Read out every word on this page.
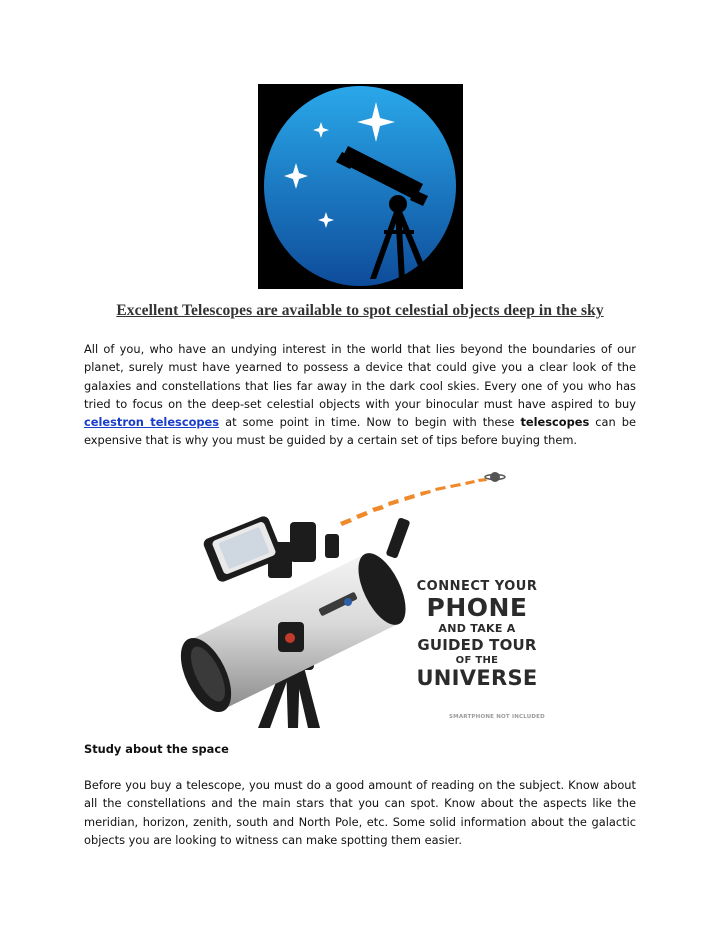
Excellent Telescopes are available to spot celestial objects deep in the sky

All of you, who have an undying interest in the world that lies beyond the boundaries of our planet, surely must have yearned to possess a device that could give you a clear look of the galaxies and constellations that lies far away in the dark cool skies. Every one of you who has tried to focus on the deep-set celestial objects with your binocular must have aspired to buy celestron telescopes at some point in time. Now to begin with these telescopes can be expensive that is why you must be guided by a certain set of tips before buying them.

CONNECT YOUR
PHONE
AND TAKE A
GUIDED TOUR
OF THE
UNIVERSE
SMARTPHONE NOT INCLUDED
Study about the space

Before you buy a telescope, you must do a good amount of reading on the subject. Know about all the constellations and the main stars that you can spot. Know about the aspects like the meridian, horizon, zenith, south and North Pole, etc. Some solid information about the galactic objects you are looking to witness can make spotting them easier.
